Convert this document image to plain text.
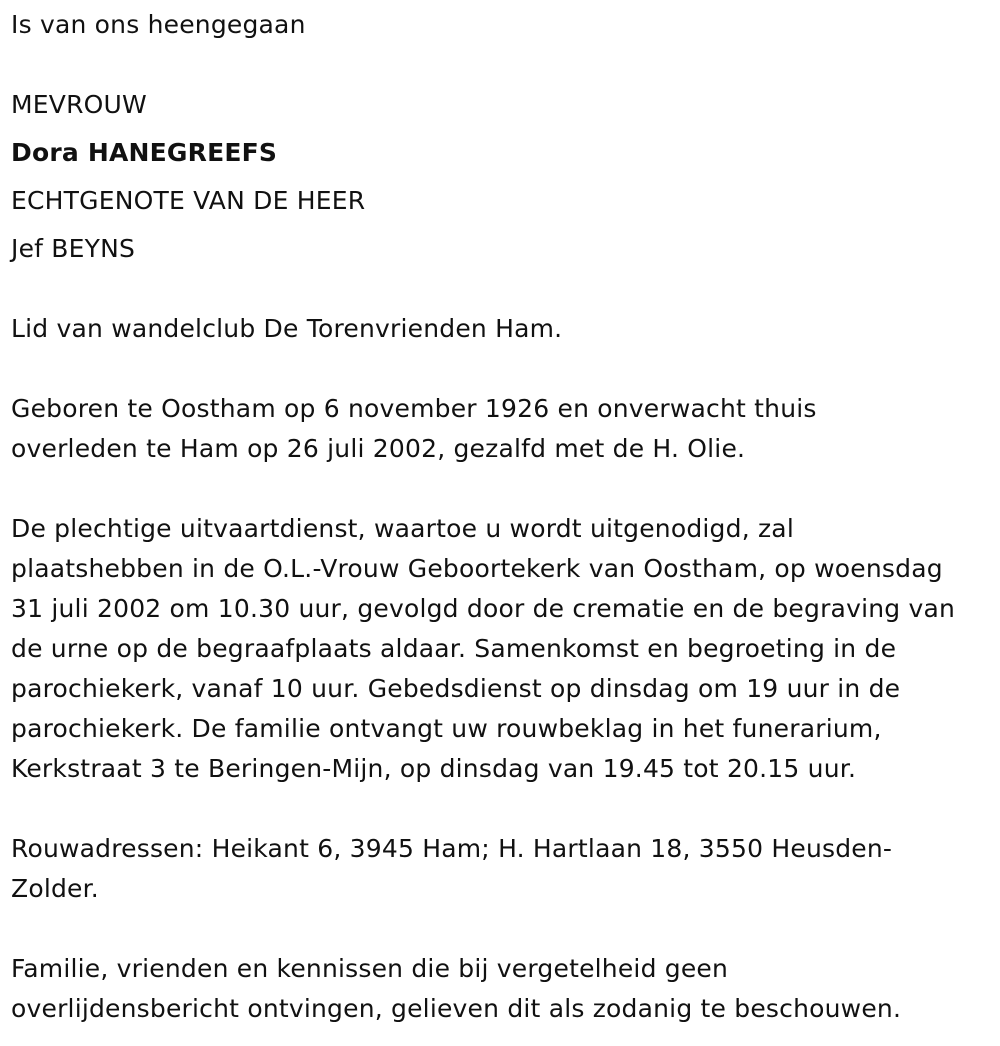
Is van ons heengegaan
MEVROUW
Dora HANEGREEFS
ECHTGENOTE VAN DE HEER
Jef BEYNS
Lid van wandelclub De Torenvrienden Ham.
Geboren te Oostham op 6 november 1926 en onverwacht thuis
overleden te Ham op 26 juli 2002, gezalfd met de H. Olie.
De plechtige uitvaartdienst, waartoe u wordt uitgenodigd, zal
plaatshebben in de O.L.-Vrouw Geboortekerk van Oostham, op woensdag
31 juli 2002 om 10.30 uur, gevolgd door de crematie en de begraving van
de urne op de begraafplaats aldaar. Samenkomst en begroeting in de
parochiekerk, vanaf 10 uur. Gebedsdienst op dinsdag om 19 uur in de
parochiekerk. De familie ontvangt uw rouwbeklag in het funerarium,
Kerkstraat 3 te Beringen-Mijn, op dinsdag van 19.45 tot 20.15 uur.
Rouwadressen: Heikant 6, 3945 Ham; H. Hartlaan 18, 3550 Heusden-
Zolder.
Familie, vrienden en kennissen die bij vergetelheid geen
overlijdensbericht ontvingen, gelieven dit als zodanig te beschouwen.
